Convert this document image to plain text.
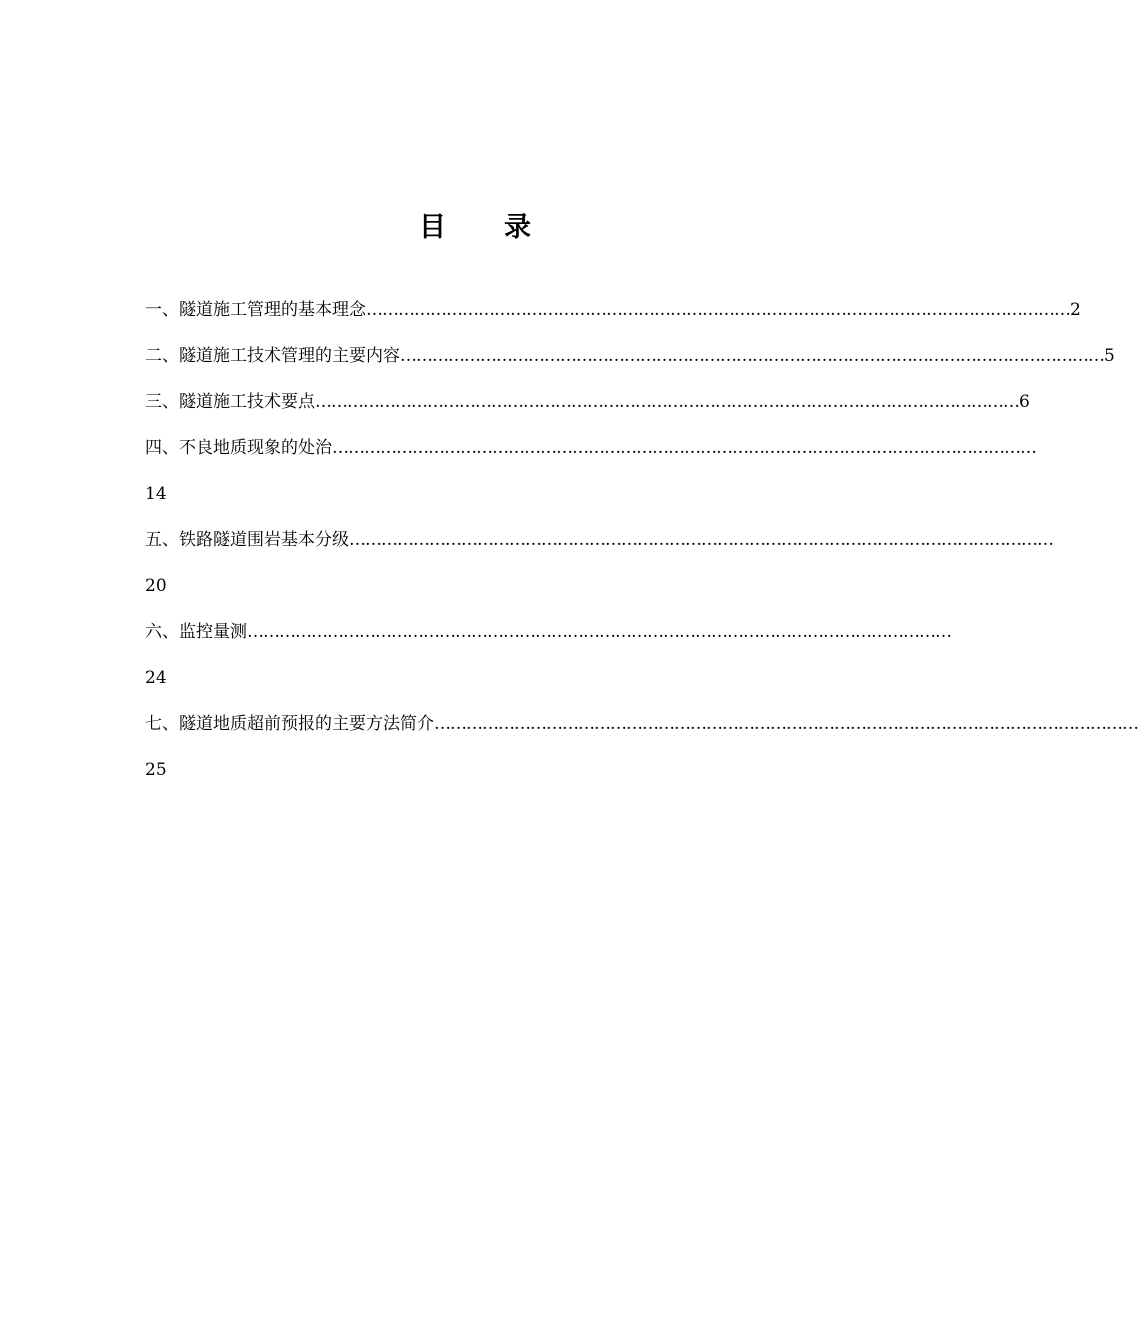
目 录
一、隧道施工管理的基本理念 …………………………………………………………………………………………………………………… 2
二、隧道施工技术管理的主要内容 …………………………………………………………………………………………………………………… 5
三、隧道施工技术要点 …………………………………………………………………………………………………………………… 6
四、不良地质现象的处治 ……………………………………………………………………………………………………………………
14
五、铁路隧道围岩基本分级 ……………………………………………………………………………………………………………………
20
六、监控量测 ……………………………………………………………………………………………………………………
24
七、隧道地质超前预报的主要方法简介 ……………………………………………………………………………………………………………………
25
